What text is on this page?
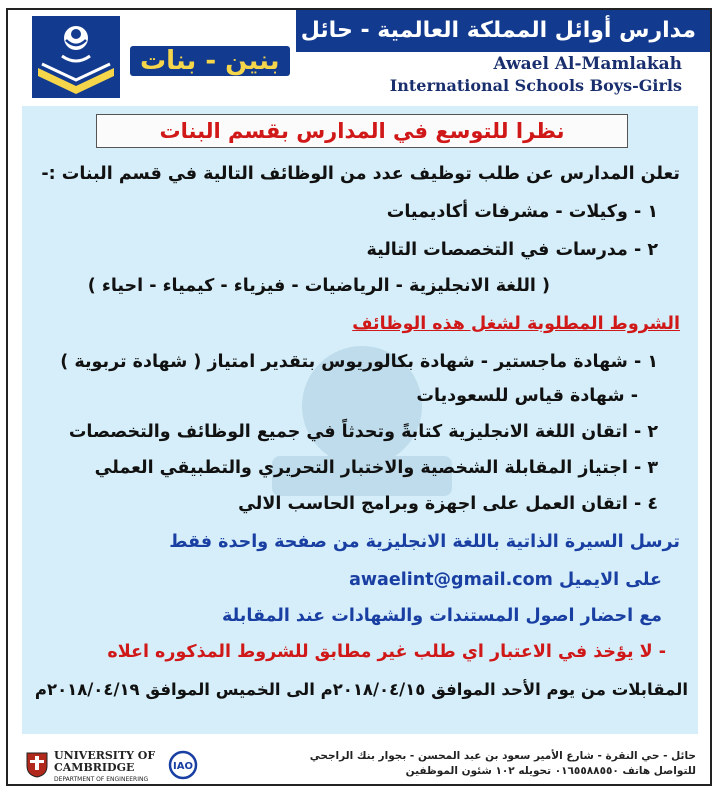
مدارس أوائل المملكة العالمية - حائل
بنين - بنات	Awael Al-Mamlakah
International Schools Boys-Girls
نظرا للتوسع في المدارس بقسم البنات
تعلن المدارس عن طلب توظيف عدد من الوظائف التالية في قسم البنات :-
١ - وكيلات - مشرفات أكاديميات
٢ - مدرسات في التخصصات التالية
( اللغة الانجليزية - الرياضيات - فيزياء - كيمياء - احياء )
الشروط المطلوبة لشغل هذه الوظائف
١ - شهادة ماجستير - شهادة بكالوريوس بتقدير امتياز ( شهادة تربوية )
- شهادة قياس للسعوديات
٢ - اتقان اللغة الانجليزية كتابةً وتحدثاً في جميع الوظائف والتخصصات
٣ - اجتياز المقابلة الشخصية والاختبار التحريري والتطبيقي العملي
٤ - اتقان العمل على اجهزة وبرامج الحاسب الالي
ترسل السيرة الذاتية باللغة الانجليزية من صفحة واحدة فقط
على الايميل awaelint@gmail.com
مع احضار اصول المستندات والشهادات عند المقابلة
- لا يؤخذ في الاعتبار اي طلب غير مطابق للشروط المذكوره اعلاه
المقابلات من يوم الأحد الموافق ٢٠١٨/٠٤/١٥م الى الخميس الموافق ٢٠١٨/٠٤/١٩م
UNIVERSITY OF
CAMBRIDGE
DEPARTMENT OF ENGINEERING
IAO
حائل - حي النقرة - شارع الأمير سعود بن عبد المحسن - بجوار بنك الراجحي
للتواصل هاتف ٠١٦٥٥٨٨٥٥٠ تحويله ١٠٢ شئون الموظفين
